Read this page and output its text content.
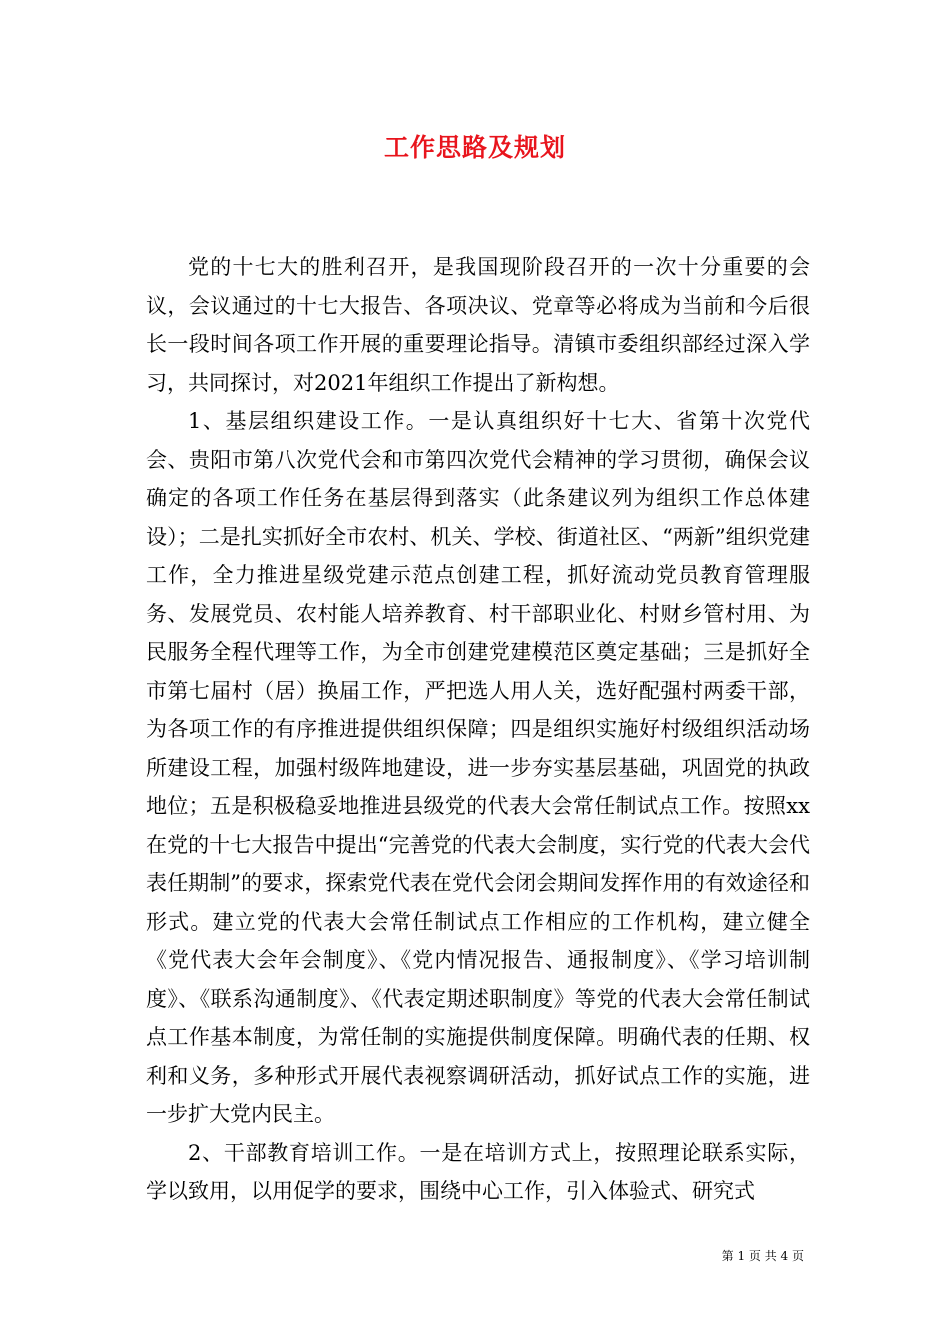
工作思路及规划

党的十七大的胜利召开，是我国现阶段召开的一次十分重要的会议，会议通过的十七大报告、各项决议、党章等必将成为当前和今后很长一段时间各项工作开展的重要理论指导。清镇市委组织部经过深入学习，共同探讨，对2021年组织工作提出了新构想。

1、基层组织建设工作。一是认真组织好十七大、省第十次党代会、贵阳市第八次党代会和市第四次党代会精神的学习贯彻，确保会议确定的各项工作任务在基层得到落实（此条建议列为组织工作总体建设）；二是扎实抓好全市农村、机关、学校、街道社区、“两新”组织党建工作，全力推进星级党建示范点创建工程，抓好流动党员教育管理服务、发展党员、农村能人培养教育、村干部职业化、村财乡管村用、为民服务全程代理等工作，为全市创建党建模范区奠定基础；三是抓好全市第七届村（居）换届工作，严把选人用人关，选好配强村两委干部，为各项工作的有序推进提供组织保障；四是组织实施好村级组织活动场所建设工程，加强村级阵地建设，进一步夯实基层基础，巩固党的执政地位；五是积极稳妥地推进县级党的代表大会常任制试点工作。按照xx在党的十七大报告中提出“完善党的代表大会制度，实行党的代表大会代表任期制”的要求，探索党代表在党代会闭会期间发挥作用的有效途径和形式。建立党的代表大会常任制试点工作相应的工作机构，建立健全《党代表大会年会制度》、《党内情况报告、通报制度》、《学习培训制度》、《联系沟通制度》、《代表定期述职制度》等党的代表大会常任制试点工作基本制度，为常任制的实施提供制度保障。明确代表的任期、权利和义务，多种形式开展代表视察调研活动，抓好试点工作的实施，进一步扩大党内民主。

2、干部教育培训工作。一是在培训方式上，按照理论联系实际，学以致用，以用促学的要求，围绕中心工作，引入体验式、研究式

第 1 页 共 4 页
